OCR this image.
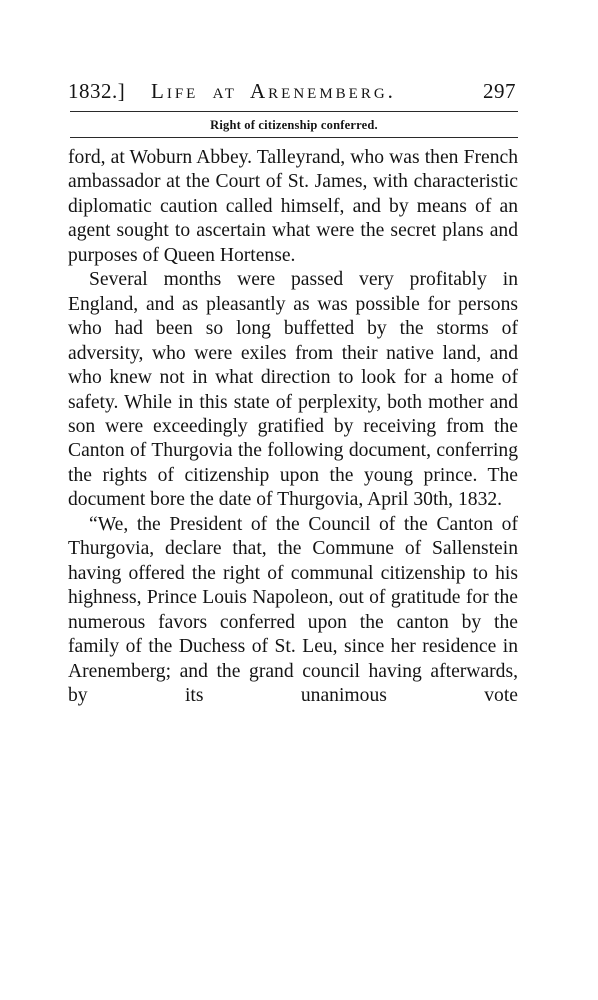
1832.] Life at Arenemberg.	297
Right of citizenship conferred.

ford, at Woburn Abbey. Talleyrand, who was then French ambassador at the Court of St. James, with characteristic diplomatic caution called himself, and by means of an agent sought to ascertain what were the secret plans and purposes of Queen Hortense.

Several months were passed very profitably in England, and as pleasantly as was possible for persons who had been so long buffetted by the storms of adversity, who were exiles from their native land, and who knew not in what direction to look for a home of safety. While in this state of perplexity, both mother and son were exceedingly gratified by receiving from the Canton of Thurgovia the following document, conferring the rights of citizenship upon the young prince. The document bore the date of Thurgovia, April 30th, 1832.

“We, the President of the Council of the Canton of Thurgovia, declare that, the Commune of Sallenstein having offered the right of communal citizenship to his highness, Prince Louis Napoleon, out of gratitude for the numerous favors conferred upon the canton by the family of the Duchess of St. Leu, since her residence in Arenemberg; and the grand council having afterwards, by its unanimous vote
